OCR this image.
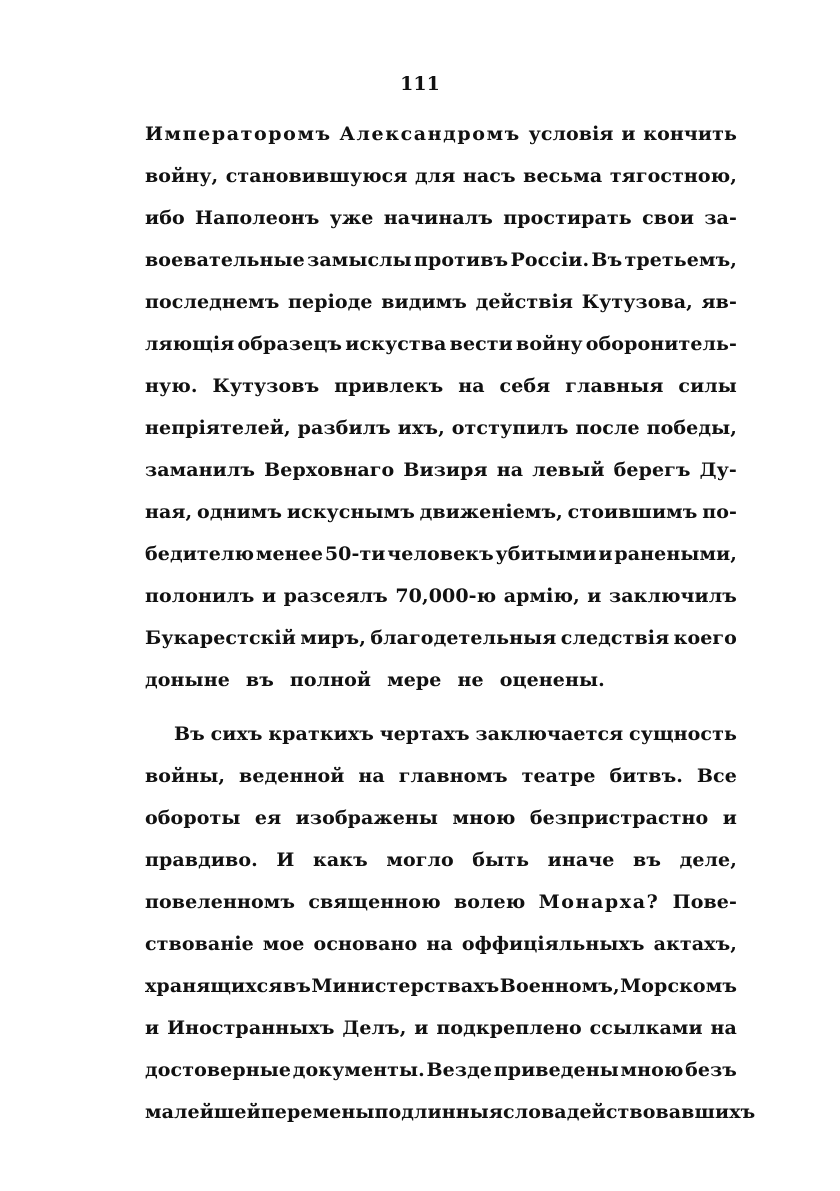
111
Императоромъ Александромъ условія и кончить
войну, становившуюся для насъ весьма тягостною,
ибо Наполеонъ уже начиналъ простирать свои за-
воевательные замыслы противъ Россіи. Въ третьемъ,
последнемъ періоде видимъ действія Кутузова, яв-
ляющія образецъ искуства вести войну оборонитель-
ную. Кутузовъ привлекъ на себя главныя силы
непріятелей, разбилъ ихъ, отступилъ после победы,
заманилъ Верховнаго Визиря на левый берегъ Ду-
ная, однимъ искуснымъ движеніемъ, стоившимъ по-
бедителю менее 50-ти человекъ убитыми и ранеными,
полонилъ и разсеялъ 70,000-ю армію, и заключилъ
Букарестскій миръ, благодетельныя следствія коего
доныне въ полной мере не оценены.
Въ сихъ краткихъ чертахъ заключается сущность
войны, веденной на главномъ театре битвъ. Все
обороты ея изображены мною безпристрастно и
правдиво. И какъ могло быть иначе въ деле,
повеленномъ священною волею Монарха? Пове-
ствованіе мое основано на оффиціяльныхъ актахъ,
хранящихся въ Министерствахъ Военномъ, Морскомъ
и Иностранныхъ Делъ, и подкреплено ссылками на
достоверные документы. Везде приведены мною безъ
малейшей перемены подлинныя слова действовавшихъ
